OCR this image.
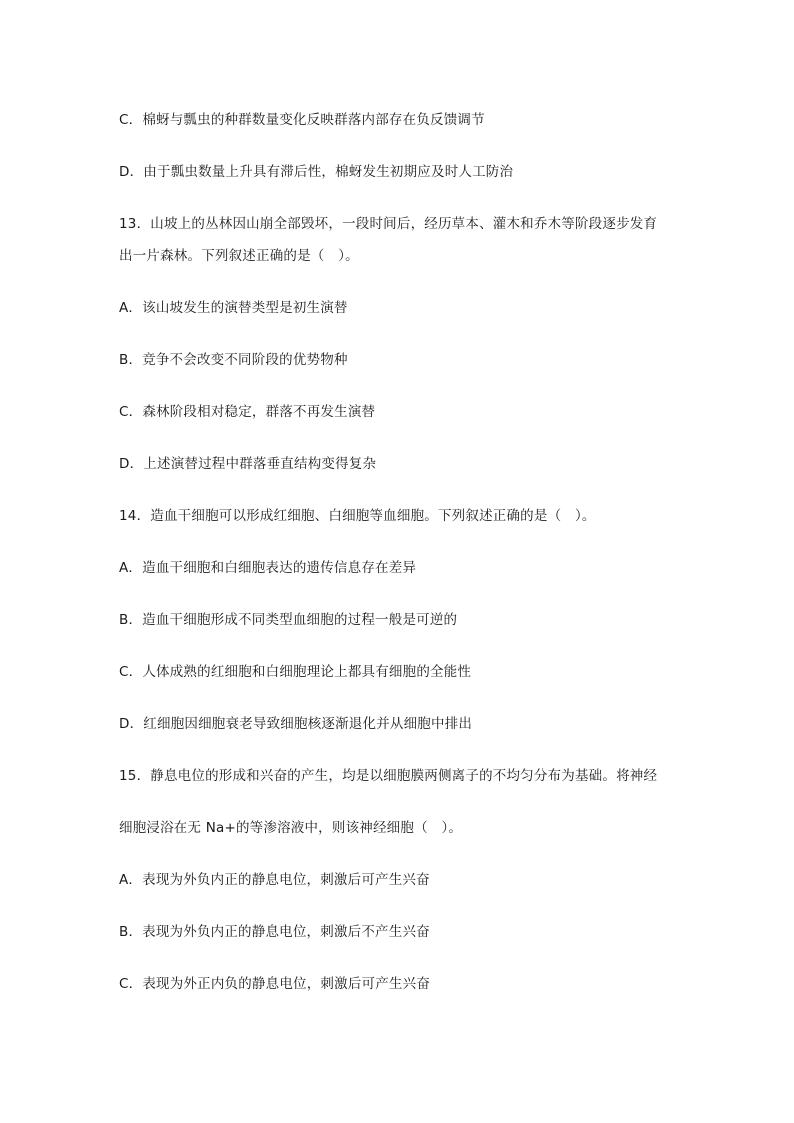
C．棉蚜与瓢虫的种群数量变化反映群落内部存在负反馈调节
D．由于瓢虫数量上升具有滞后性，棉蚜发生初期应及时人工防治
13．山坡上的丛林因山崩全部毁坏，一段时间后，经历草本、灌木和乔木等阶段逐步发育
出一片森林。下列叙述正确的是（　）。
A．该山坡发生的演替类型是初生演替
B．竞争不会改变不同阶段的优势物种
C．森林阶段相对稳定，群落不再发生演替
D．上述演替过程中群落垂直结构变得复杂
14．造血干细胞可以形成红细胞、白细胞等血细胞。下列叙述正确的是（　）。
A．造血干细胞和白细胞表达的遗传信息存在差异
B．造血干细胞形成不同类型血细胞的过程一般是可逆的
C．人体成熟的红细胞和白细胞理论上都具有细胞的全能性
D．红细胞因细胞衰老导致细胞核逐渐退化并从细胞中排出
15．静息电位的形成和兴奋的产生，均是以细胞膜两侧离子的不均匀分布为基础。将神经
细胞浸浴在无 Na+的等渗溶液中，则该神经细胞（　）。
A．表现为外负内正的静息电位，刺激后可产生兴奋
B．表现为外负内正的静息电位，刺激后不产生兴奋
C．表现为外正内负的静息电位，刺激后可产生兴奋
